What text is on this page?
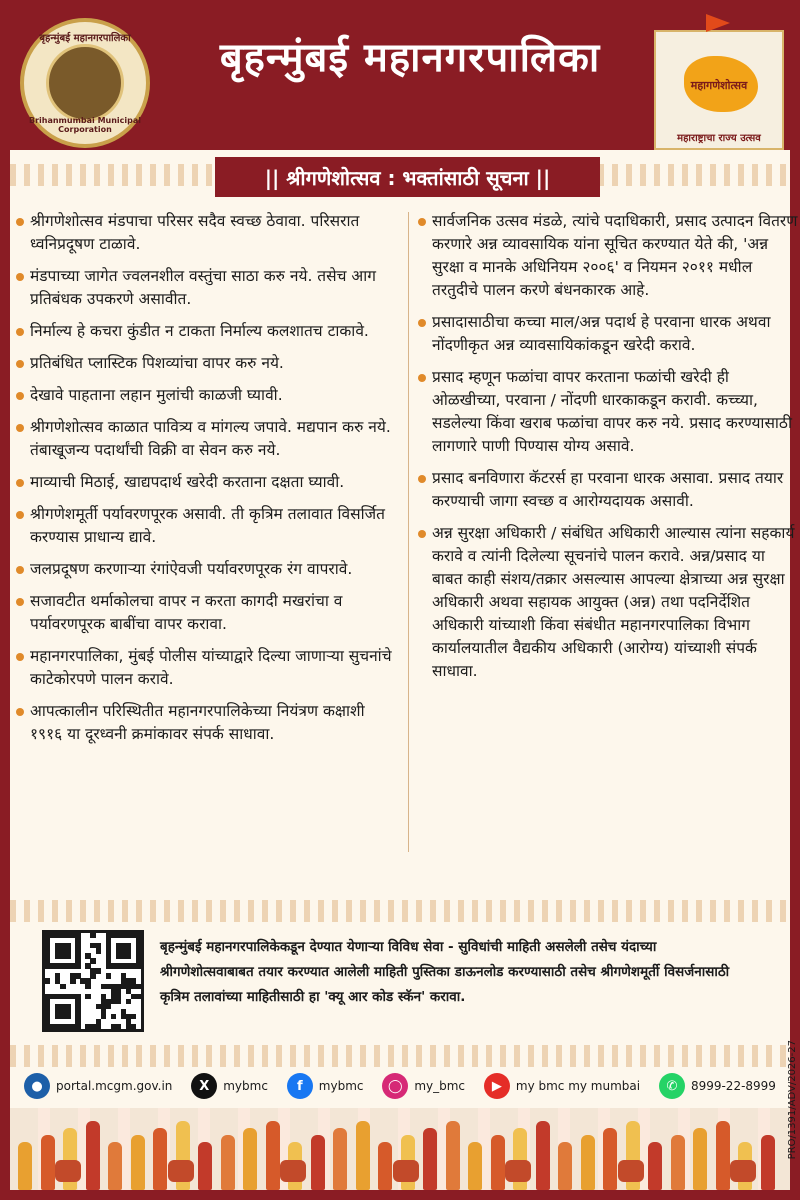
बृहन्मुंबई महानगरपालिका
Brihanmumbai Municipal Corporation
बृहन्मुंबई महानगरपालिका
महागणेशोत्सव
महाराष्ट्राचा राज्य उत्सव
|| श्रीगणेशोत्सव : भक्तांसाठी सूचना ||
श्रीगणेशोत्सव मंडपाचा परिसर सदैव स्वच्छ ठेवावा. परिसरात ध्वनिप्रदूषण टाळावे.
मंडपाच्या जागेत ज्वलनशील वस्तुंचा साठा करु नये. तसेच आग प्रतिबंधक उपकरणे असावीत.
निर्माल्य हे कचरा कुंडीत न टाकता निर्माल्य कलशातच टाकावे.
प्रतिबंधित प्लास्टिक पिशव्यांचा वापर करु नये.
देखावे पाहताना लहान मुलांची काळजी घ्यावी.
श्रीगणेशोत्सव काळात पावित्र्य व मांगल्य जपावे. मद्यपान करु नये. तंबाखूजन्य पदार्थांची विक्री वा सेवन करु नये.
माव्याची मिठाई, खाद्यपदार्थ खरेदी करताना दक्षता घ्यावी.
श्रीगणेशमूर्ती पर्यावरणपूरक असावी. ती कृत्रिम तलावात विसर्जित करण्यास प्राधान्य द्यावे.
जलप्रदूषण करणाऱ्या रंगांऐवजी पर्यावरणपूरक रंग वापरावे.
सजावटीत थर्माकोलचा वापर न करता कागदी मखरांचा व पर्यावरणपूरक बाबींचा वापर करावा.
महानगरपालिका, मुंबई पोलीस यांच्याद्वारे दिल्या जाणाऱ्या सुचनांचे काटेकोरपणे पालन करावे.
आपत्कालीन परिस्थितीत महानगरपालिकेच्या नियंत्रण कक्षाशी १९१६ या दूरध्वनी क्रमांकावर संपर्क साधावा.
सार्वजनिक उत्सव मंडळे, त्यांचे पदाधिकारी, प्रसाद उत्पादन वितरण करणारे अन्न व्यावसायिक यांना सूचित करण्यात येते की, 'अन्न सुरक्षा व मानके अधिनियम २००६' व नियमन २०११ मधील तरतुदीचे पालन करणे बंधनकारक आहे.
प्रसादासाठीचा कच्चा माल/अन्न पदार्थ हे परवाना धारक अथवा नोंदणीकृत अन्न व्यावसायिकांकडून खरेदी करावे.
प्रसाद म्हणून फळांचा वापर करताना फळांची खरेदी ही ओळखीच्या, परवाना / नोंदणी धारकाकडून करावी. कच्च्या, सडलेल्या किंवा खराब फळांचा वापर करु नये. प्रसाद करण्यासाठी लागणारे पाणी पिण्यास योग्य असावे.
प्रसाद बनविणारा कॅटरर्स हा परवाना धारक असावा. प्रसाद तयार करण्याची जागा स्वच्छ व आरोग्यदायक असावी.
अन्न सुरक्षा अधिकारी / संबंधित अधिकारी आल्यास त्यांना सहकार्य करावे व त्यांनी दिलेल्या सूचनांचे पालन करावे. अन्न/प्रसाद या बाबत काही संशय/तक्रार असल्यास आपल्या क्षेत्राच्या अन्न सुरक्षा अधिकारी अथवा सहायक आयुक्त (अन्न) तथा पदनिर्देशित अधिकारी यांच्याशी किंवा संबंधीत महानगरपालिका विभाग कार्यालयातील वैद्यकीय अधिकारी (आरोग्य) यांच्याशी संपर्क साधावा.
बृहन्मुंबई महानगरपालिकेकडून देण्यात येणाऱ्या विविध सेवा - सुविधांची माहिती असलेली तसेच यंदाच्या श्रीगणेशोत्सवाबाबत तयार करण्यात आलेली माहिती पुस्तिका डाऊनलोड करण्यासाठी तसेच श्रीगणेशमूर्ती विसर्जनासाठी कृत्रिम तलावांच्या माहितीसाठी हा 'क्यू आर कोड स्कॅन' करावा.
●	portal.mcgm.gov.in	X	mybmc	f	mybmc	◯ my_bmc	▶	my bmc my mumbai	✆	8999-22-8999 PRO/1391/ADV/2026-27
